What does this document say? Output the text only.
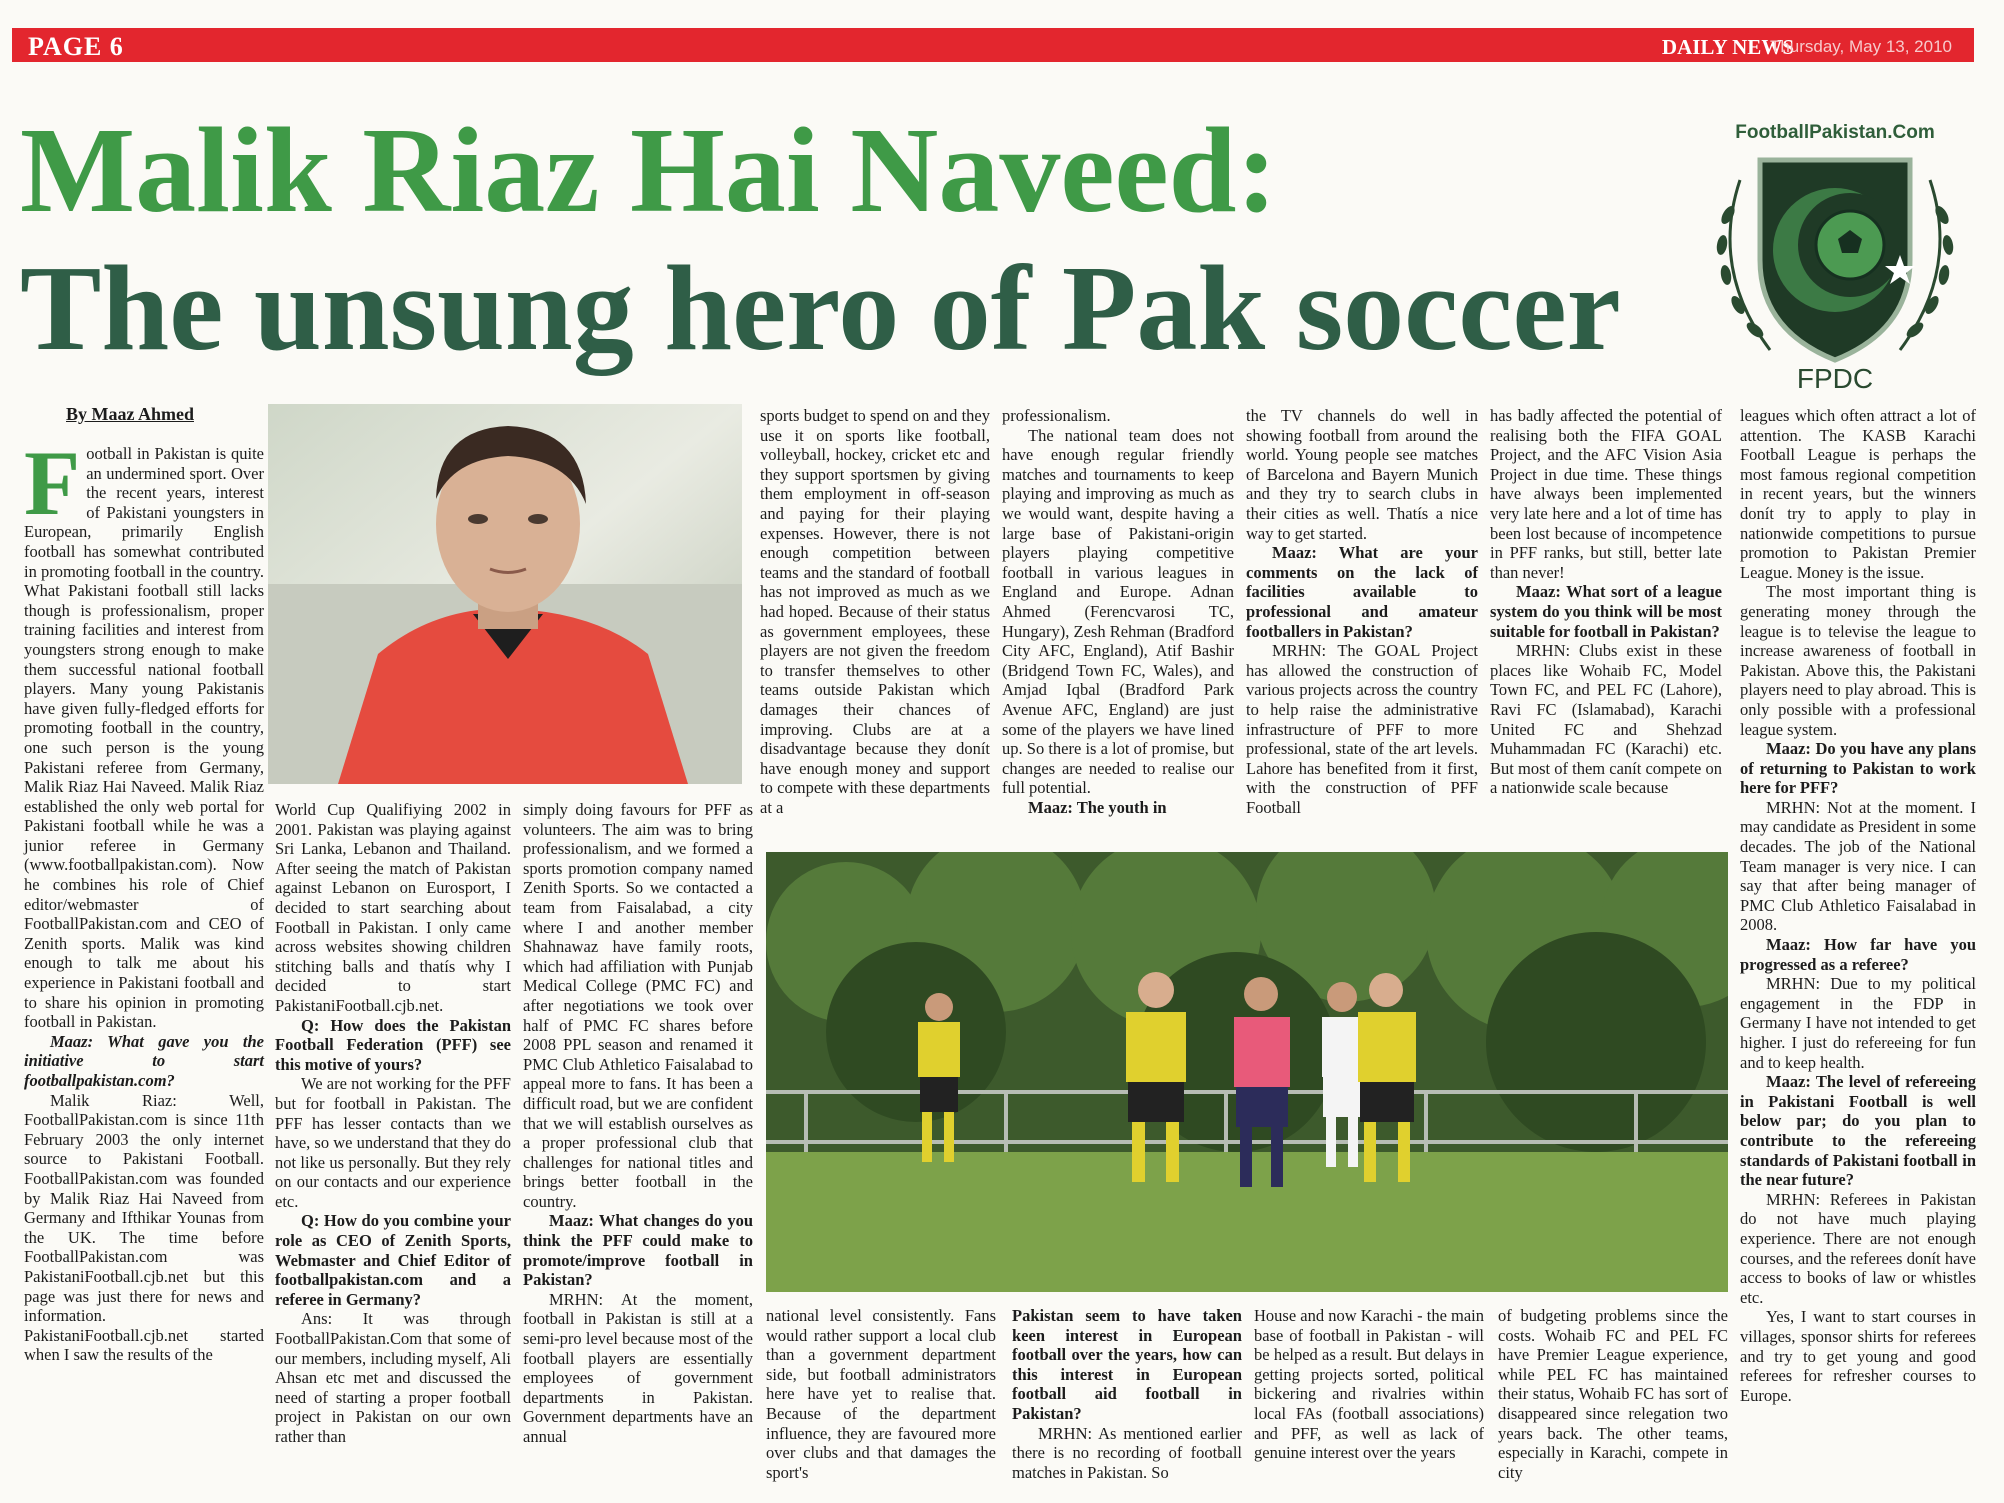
PAGE 6	DAILY NEWS
Thursday, May 13, 2010
Malik Riaz Hai Naveed:
The unsung hero of Pak soccer
FootballPakistan.Com
FPDC
By Maaz Ahmed

Football in Pakistan is quite an undermined sport. Over the recent years, interest of Pakistani youngsters in European, primarily English football has somewhat contributed in promoting football in the country. What Pakistani football still lacks though is professionalism, proper training facilities and interest from youngsters strong enough to make them successful national football players. Many young Pakistanis have given fully-fledged efforts for promoting football in the country, one such person is the young Pakistani referee from Germany, Malik Riaz Hai Naveed. Malik Riaz established the only web portal for Pakistani football while he was a junior referee in Germany (www.footballpakistan.com). Now he combines his role of Chief editor/webmaster of FootballPakistan.com and CEO of Zenith sports. Malik was kind enough to talk me about his experience in Pakistani football and to share his opinion in promoting football in Pakistan.

Maaz: What gave you the initiative to start footballpakistan.com?

Malik Riaz: Well, FootballPakistan.com is since 11th February 2003 the only internet source to Pakistani Football. FootballPakistan.com was founded by Malik Riaz Hai Naveed from Germany and Ifthikar Younas from the UK. The time before FootballPakistan.com was PakistaniFootball.cjb.net but this page was just there for news and information. PakistaniFootball.cjb.net started when I saw the results of the

World Cup Qualifiying 2002 in 2001. Pakistan was playing against Sri Lanka, Lebanon and Thailand. After seeing the match of Pakistan against Lebanon on Eurosport, I decided to start searching about Football in Pakistan. I only came across websites showing children stitching balls and thatís why I decided to start PakistaniFootball.cjb.net.

Q: How does the Pakistan Football Federation (PFF) see this motive of yours?

We are not working for the PFF but for football in Pakistan. The PFF has lesser contacts than we have, so we understand that they do not like us personally. But they rely on our contacts and our experience etc.

Q: How do you combine your role as CEO of Zenith Sports, Webmaster and Chief Editor of footballpakistan.com and a referee in Germany?

Ans: It was through FootballPakistan.Com that some of our members, including myself, Ali Ahsan etc met and discussed the need of starting a proper football project in Pakistan on our own rather than

simply doing favours for PFF as volunteers. The aim was to bring professionalism, and we formed a sports promotion company named Zenith Sports. So we contacted a team from Faisalabad, a city where I and another member Shahnawaz have family roots, which had affiliation with Punjab Medical College (PMC FC) and after negotiations we took over half of PMC FC shares before 2008 PPL season and renamed it PMC Club Athletico Faisalabad to appeal more to fans. It has been a difficult road, but we are confident that we will establish ourselves as a proper professional club that challenges for national titles and brings better football in the country.

Maaz: What changes do you think the PFF could make to promote/improve football in Pakistan?

MRHN: At the moment, football in Pakistan is still at a semi-pro level because most of the football players are essentially employees of government departments in Pakistan. Government departments have an annual

sports budget to spend on and they use it on sports like football, volleyball, hockey, cricket etc and they support sportsmen by giving them employment in off-season and paying for their playing expenses. However, there is not enough competition between teams and the standard of football has not improved as much as we had hoped. Because of their status as government employees, these players are not given the freedom to transfer themselves to other teams outside Pakistan which damages their chances of improving. Clubs are at a disadvantage because they donít have enough money and support to compete with these departments at a

national level consistently. Fans would rather support a local club than a government department side, but football administrators here have yet to realise that. Because of the department influence, they are favoured more over clubs and that damages the sport's

professionalism.

The national team does not have enough regular friendly matches and tournaments to keep playing and improving as much as we would want, despite having a large base of Pakistani-origin players playing competitive football in various leagues in England and Europe. Adnan Ahmed (Ferencvarosi TC, Hungary), Zesh Rehman (Bradford City AFC, England), Atif Bashir (Bridgend Town FC, Wales), and Amjad Iqbal (Bradford Park Avenue AFC, England) are just some of the players we have lined up. So there is a lot of promise, but changes are needed to realise our full potential.

Maaz: The youth in

Pakistan seem to have taken keen interest in European football over the years, how can this interest in European football aid football in Pakistan?

MRHN: As mentioned earlier there is no recording of football matches in Pakistan. So

the TV channels do well in showing football from around the world. Young people see matches of Barcelona and Bayern Munich and they try to search clubs in their cities as well. Thatís a nice way to get started.

Maaz: What are your comments on the lack of facilities available to professional and amateur footballers in Pakistan?

MRHN: The GOAL Project has allowed the construction of various projects across the country to help raise the administrative infrastructure of PFF to more professional, state of the art levels. Lahore has benefited from it first, with the construction of PFF Football

House and now Karachi - the main base of football in Pakistan - will be helped as a result. But delays in getting projects sorted, political bickering and rivalries within local FAs (football associations) and PFF, as well as lack of genuine interest over the years

has badly affected the potential of realising both the FIFA GOAL Project, and the AFC Vision Asia Project in due time. These things have always been implemented very late here and a lot of time has been lost because of incompetence in PFF ranks, but still, better late than never!

Maaz: What sort of a league system do you think will be most suitable for football in Pakistan?

MRHN: Clubs exist in these places like Wohaib FC, Model Town FC, and PEL FC (Lahore), Ravi FC (Islamabad), Karachi United FC and Shehzad Muhammadan FC (Karachi) etc. But most of them canít compete on a nationwide scale because

of budgeting problems since the costs. Wohaib FC and PEL FC have Premier League experience, while PEL FC has maintained their status, Wohaib FC has sort of disappeared since relegation two years back. The other teams, especially in Karachi, compete in city

leagues which often attract a lot of attention. The KASB Karachi Football League is perhaps the most famous regional competition in recent years, but the winners donít try to apply to play in nationwide competitions to pursue promotion to Pakistan Premier League. Money is the issue.

The most important thing is generating money through the league is to televise the league to increase awareness of football in Pakistan. Above this, the Pakistani players need to play abroad. This is only possible with a professional league system.

Maaz: Do you have any plans of returning to Pakistan to work here for PFF?

MRHN: Not at the moment. I may candidate as President in some decades. The job of the National Team manager is very nice. I can say that after being manager of PMC Club Athletico Faisalabad in 2008.

Maaz: How far have you progressed as a referee?

MRHN: Due to my political engagement in the FDP in Germany I have not intended to get higher. I just do refereeing for fun and to keep health.

Maaz: The level of refereeing in Pakistani Football is well below par; do you plan to contribute to the refereeing standards of Pakistani football in the near future?

MRHN: Referees in Pakistan do not have much playing experience. There are not enough courses, and the referees donít have access to books of law or whistles etc.

Yes, I want to start courses in villages, sponsor shirts for referees and try to get young and good referees for refresher courses to Europe.
